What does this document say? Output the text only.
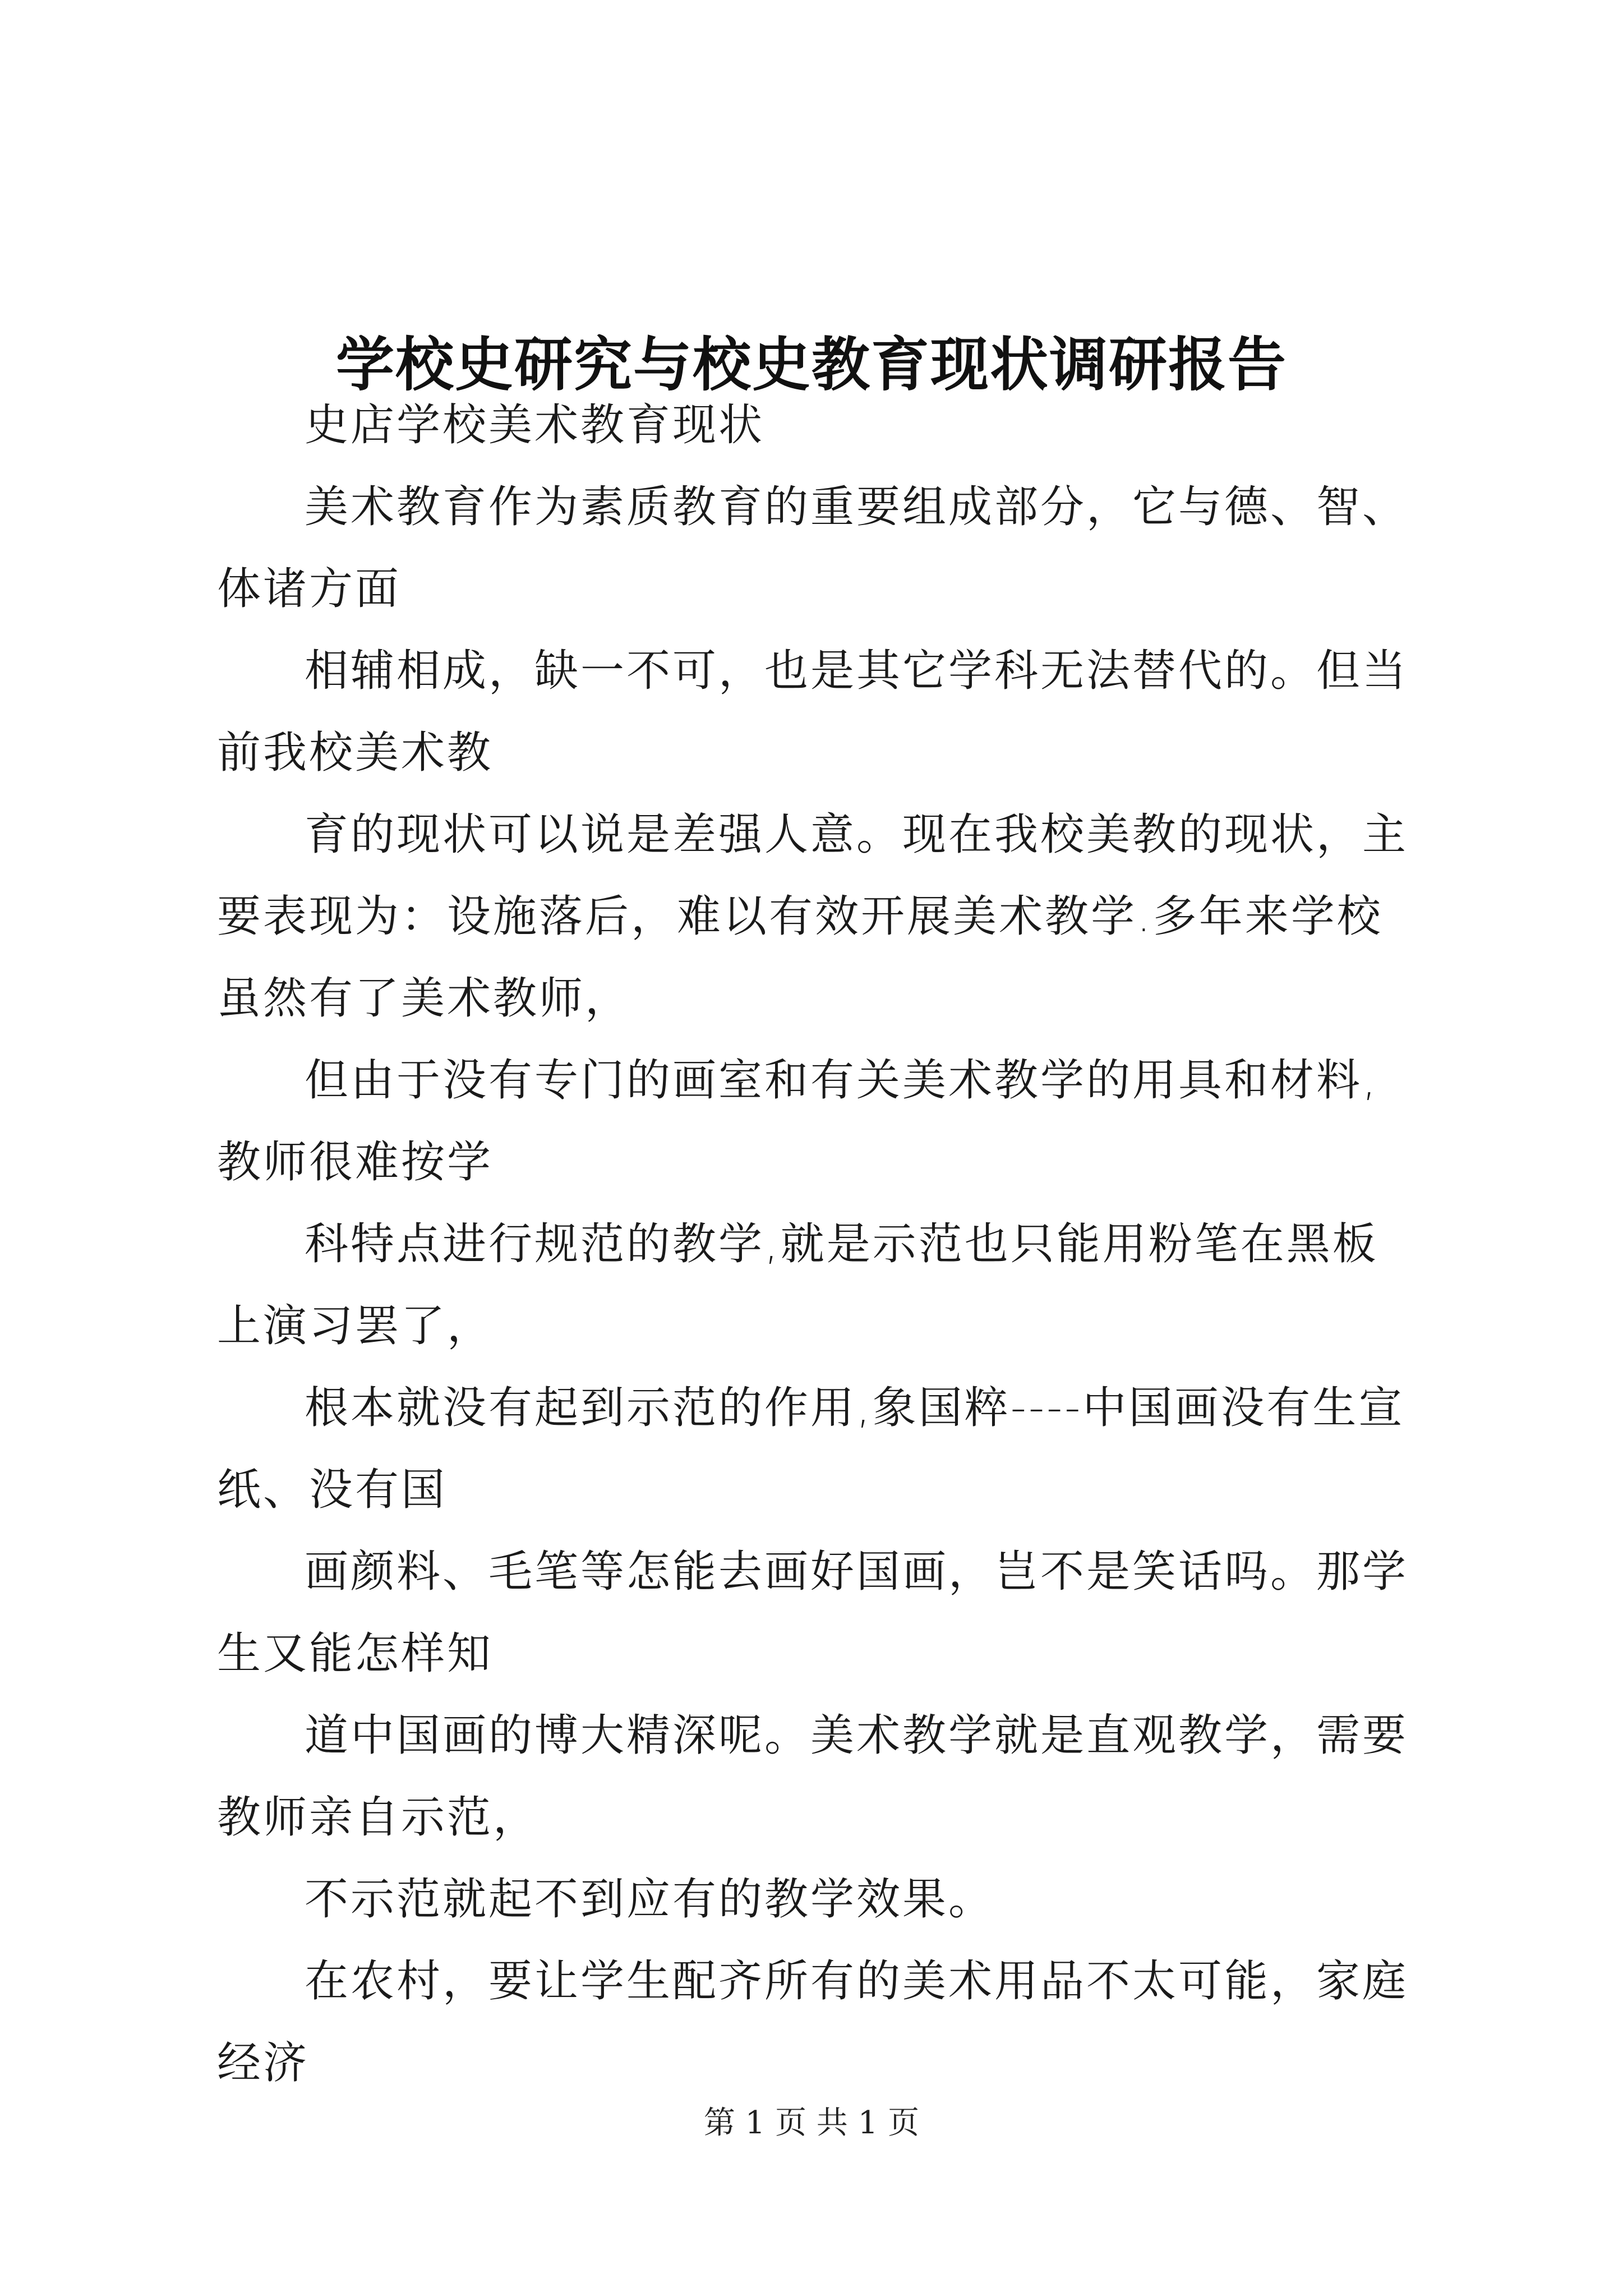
学校史研究与校史教育现状调研报告

史店学校美术教育现状

美术教育作为素质教育的重要组成部分，它与德、智、体诸方面

相辅相成，缺一不可，也是其它学科无法替代的。但当前我校美术教

育的现状可以说是差强人意。现在我校美教的现状，主要表现为：设施落后，难以有效开展美术教学.多年来学校虽然有了美术教师，

但由于没有专门的画室和有关美术教学的用具和材料,教师很难按学

科特点进行规范的教学,就是示范也只能用粉笔在黑板上演习罢了，

根本就没有起到示范的作用,象国粹----中国画没有生宣纸、没有国

画颜料、毛笔等怎能去画好国画，岂不是笑话吗。那学生又能怎样知

道中国画的博大精深呢。美术教学就是直观教学，需要教师亲自示范，

不示范就起不到应有的教学效果。

在农村，要让学生配齐所有的美术用品不太可能，家庭经济

第 1 页 共 1 页
